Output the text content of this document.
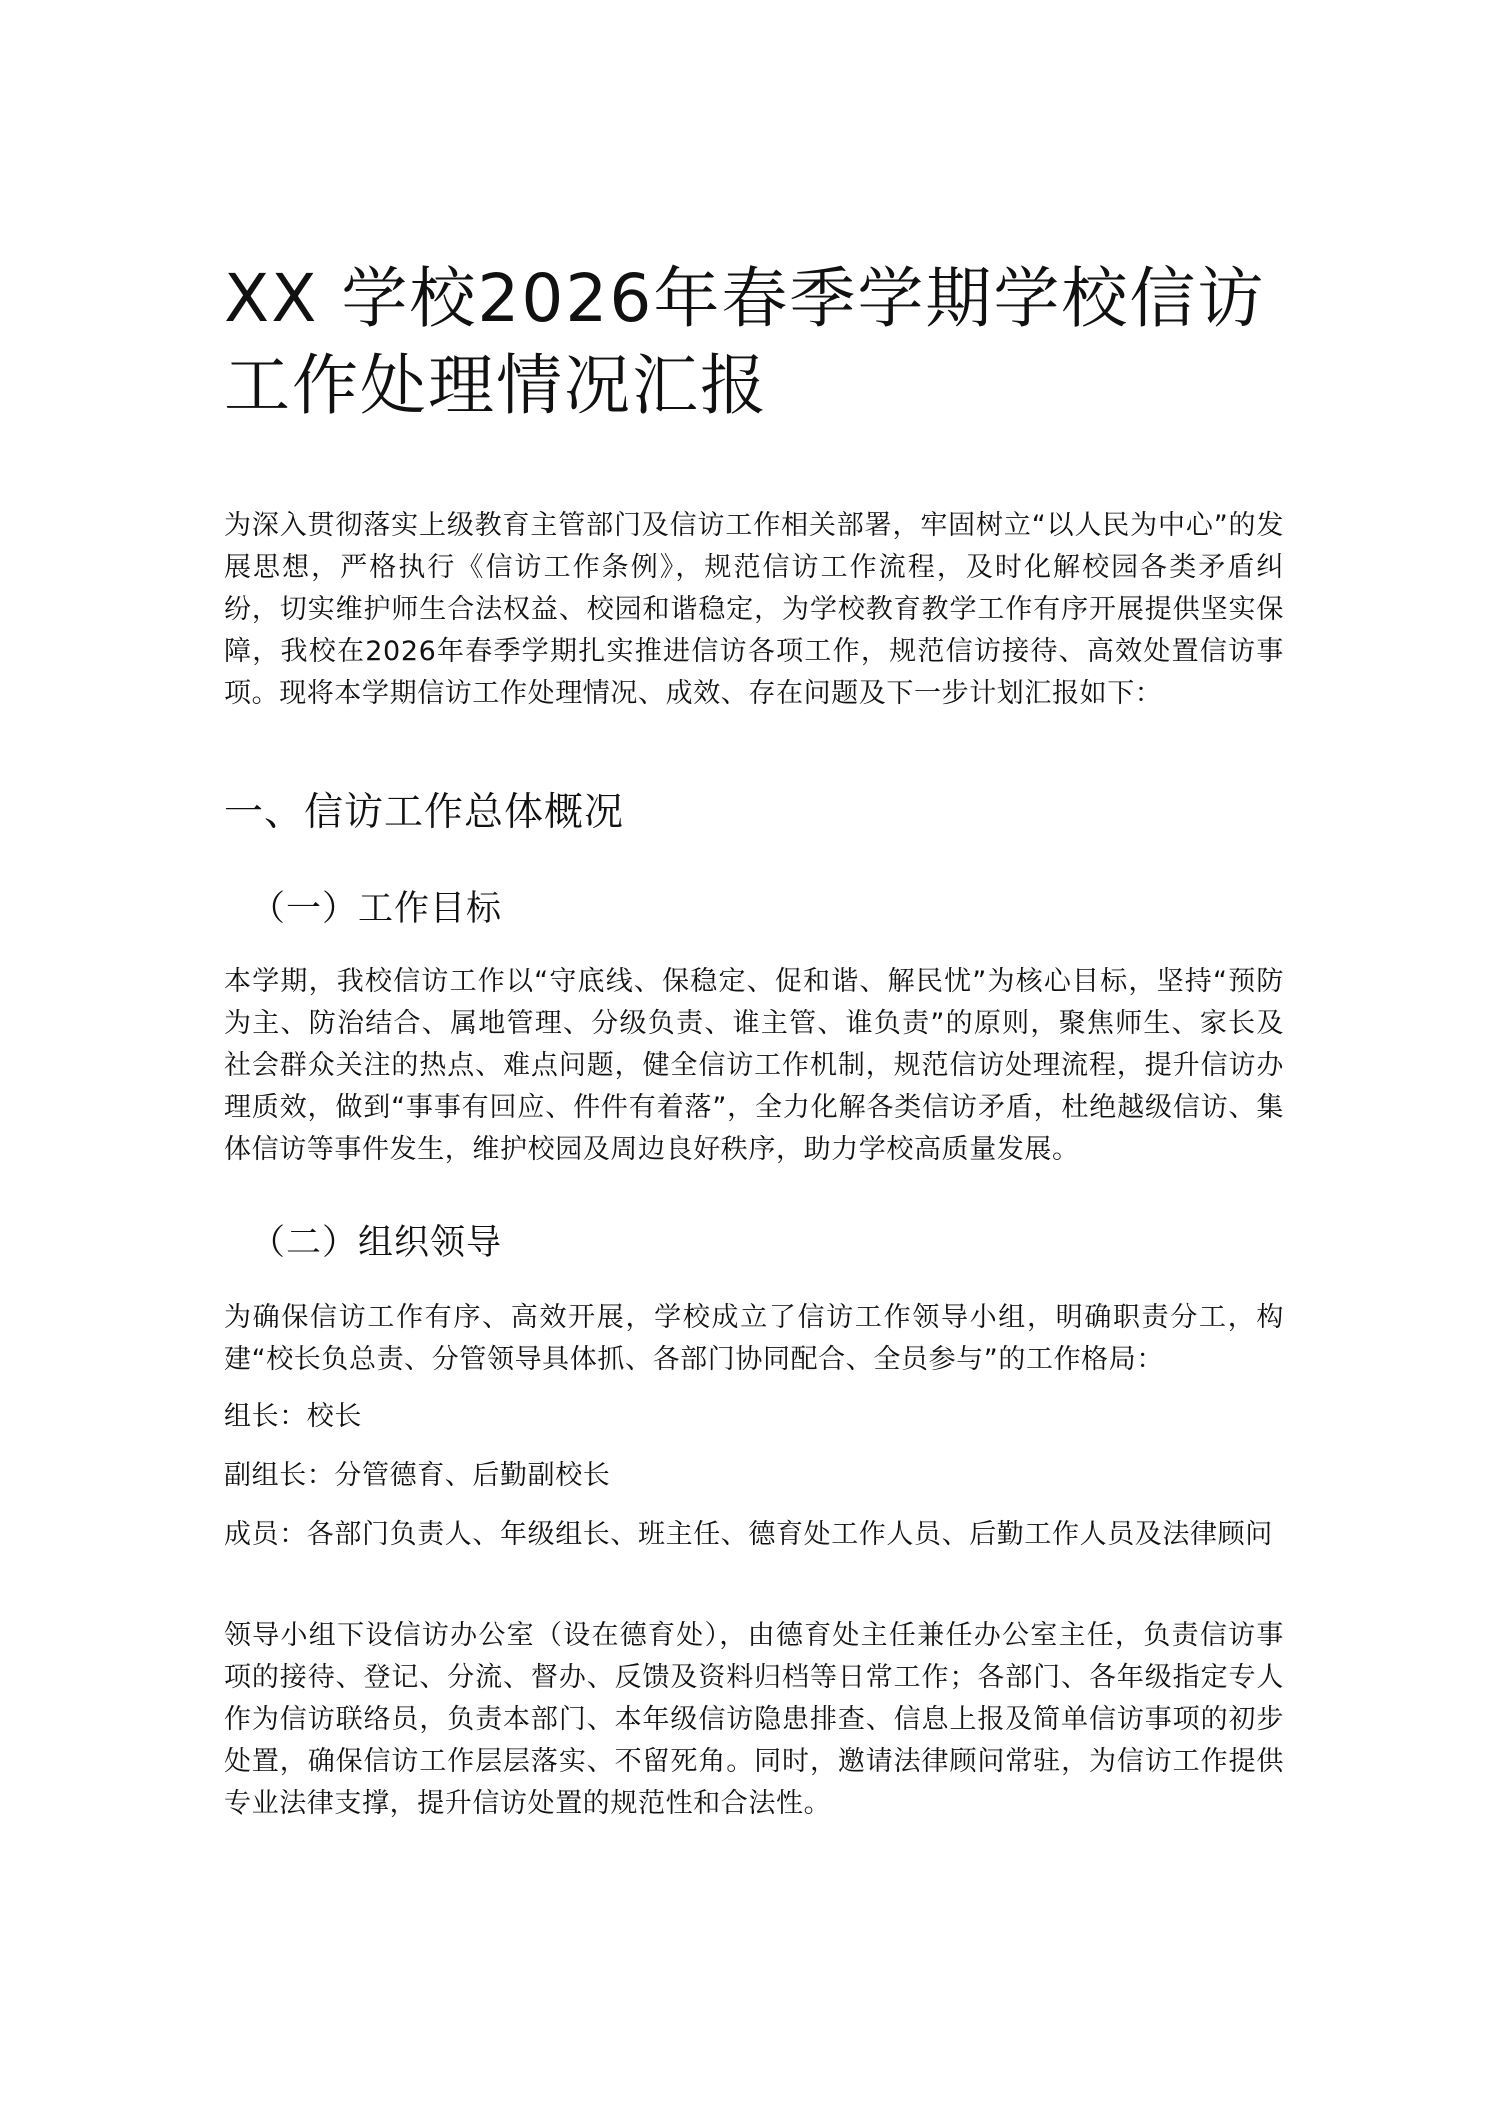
XX 学校2026年春季学期学校信访工作处理情况汇报

为深入贯彻落实上级教育主管部门及信访工作相关部署，牢固树立“以人民为中心”的发展思想，严格执行《信访工作条例》，规范信访工作流程，及时化解校园各类矛盾纠纷，切实维护师生合法权益、校园和谐稳定，为学校教育教学工作有序开展提供坚实保障，我校在2026年春季学期扎实推进信访各项工作，规范信访接待、高效处置信访事项。现将本学期信访工作处理情况、成效、存在问题及下一步计划汇报如下：

一、信访工作总体概况
（一）工作目标

本学期，我校信访工作以“守底线、保稳定、促和谐、解民忧”为核心目标，坚持“预防为主、防治结合、属地管理、分级负责、谁主管、谁负责”的原则，聚焦师生、家长及社会群众关注的热点、难点问题，健全信访工作机制，规范信访处理流程，提升信访办理质效，做到“事事有回应、件件有着落”，全力化解各类信访矛盾，杜绝越级信访、集体信访等事件发生，维护校园及周边良好秩序，助力学校高质量发展。

（二）组织领导

为确保信访工作有序、高效开展，学校成立了信访工作领导小组，明确职责分工，构建“校长负总责、分管领导具体抓、各部门协同配合、全员参与”的工作格局：

组长：校长

副组长：分管德育、后勤副校长

成员：各部门负责人、年级组长、班主任、德育处工作人员、后勤工作人员及法律顾问

领导小组下设信访办公室（设在德育处），由德育处主任兼任办公室主任，负责信访事项的接待、登记、分流、督办、反馈及资料归档等日常工作；各部门、各年级指定专人作为信访联络员，负责本部门、本年级信访隐患排查、信息上报及简单信访事项的初步处置，确保信访工作层层落实、不留死角。同时，邀请法律顾问常驻，为信访工作提供专业法律支撑，提升信访处置的规范性和合法性。
